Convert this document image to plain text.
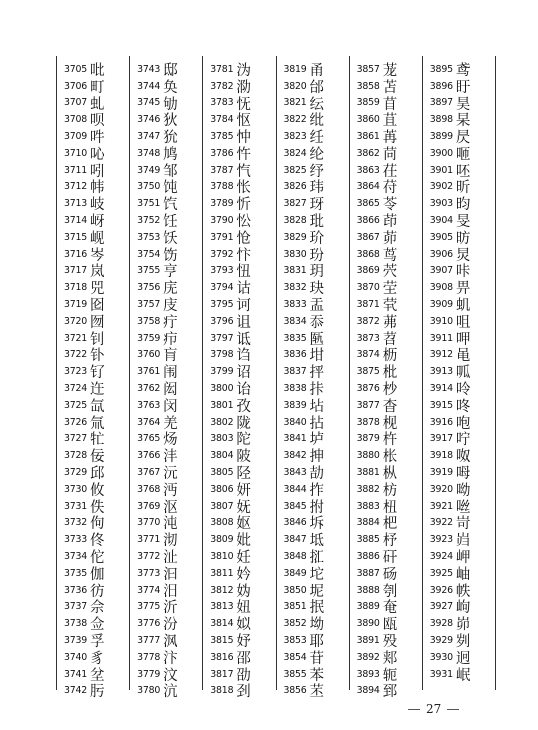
3705 吡
3706 町
3707 虬
3708 呗
3709 吽
3710 吣
3711 吲
3712 帏
3713 岐
3714 岈
3715 岘
3716 岑
3717 岚
3718 兕
3719 囵
3720 囫
3721 钊
3722 钋
3723 钌
3724 迕
3725 氙
3726 氚
3727 牤
3728 佞
3729 邱
3730 攸
3731 佚
3732 佝
3733 佟
3734 佗
3735 伽
3736 彷
3737 佘
3738 佥
3739 孚
3740 豸
3741 坌
3742 肟
3743 邸
3744 奂
3745 劬
3746 狄
3747 狁
3748 鸠
3749 邹
3750 饨
3751 饩
3752 饪
3753 饫
3754 饬
3755 亨
3756 庑
3757 庋
3758 疔
3759 疖
3760 肓
3761 闱
3762 闳
3763 闵
3764 羌
3765 炀
3766 沣
3767 沅
3768 沔
3769 沤
3770 沌
3771 沏
3772 沚
3773 汩
3774 汨
3775 沂
3776 汾
3777 沨
3778 汴
3779 汶
3780 沆
3781 沩
3782 泐
3783 怃
3784 怄
3785 忡
3786 忤
3787 忾
3788 怅
3789 忻
3790 忪
3791 怆
3792 忭
3793 忸
3794 诂
3795 诃
3796 诅
3797 诋
3798 诌
3799 诏
3800 诒
3801 孜
3802 陇
3803 陀
3804 陂
3805 陉
3806 妍
3807 妩
3808 妪
3809 妣
3810 妊
3811 妗
3812 妫
3813 妞
3814 姒
3815 妤
3816 邵
3817 劭
3818 刭
3819 甬
3820 邰
3821 纭
3822 纰
3823 纴
3824 纶
3825 纾
3826 玮
3827 玡
3828 玭
3829 玠
3830 玢
3831 玥
3832 玦
3833 盂
3834 忝
3835 匦
3836 坩
3837 抨
3838 拤
3839 坫
3840 拈
3841 垆
3842 抻
3843 劼
3844 拃
3845 拊
3846 坼
3847 坻
3848 㧟
3849 坨
3850 坭
3851 抿
3852 坳
3853 耶
3854 苷
3855 苯
3856 苤
3857 茏
3858 苫
3859 苜
3860 苴
3861 苒
3862 苘
3863 茌
3864 苻
3865 苓
3866 茚
3867 茆
3868 茑
3869 茓
3870 茔
3871 茕
3872 茀
3873 苕
3874 枥
3875 枇
3876 杪
3877 杳
3878 枧
3879 杵
3880 枨
3881 枞
3882 枋
3883 杻
3884 杷
3885 杼
3886 矸
3887 砀
3888 刳
3889 奄
3890 瓯
3891 殁
3892 郏
3893 轭
3894 郅
3895 鸢
3896 盱
3897 昊
3898 杲
3899 昃
3900 咂
3901 呸
3902 昕
3903 昀
3904 旻
3905 昉
3906 炅
3907 咔
3908 畀
3909 虮
3910 咀
3911 呷
3912 黾
3913 呱
3914 呤
3915 咚
3916 咆
3917 咛
3918 呶
3919 呣
3920 呦
3921 咝
3922 岢
3923 岿
3924 岬
3925 岫
3926 帙
3927 岣
3928 峁
3929 刿
3930 迥
3931 岷
27
